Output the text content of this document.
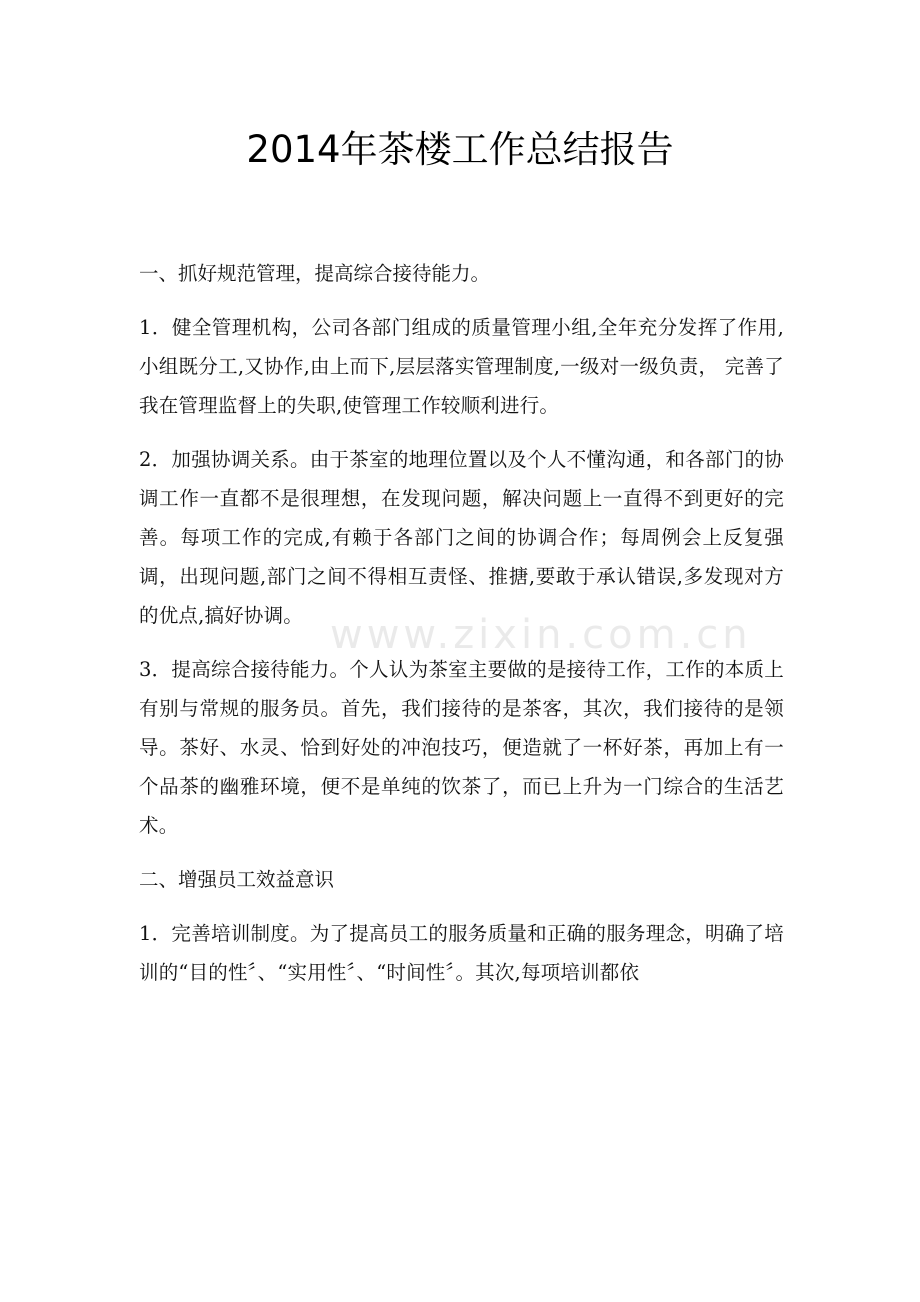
2014年茶楼工作总结报告
www.zixin.com.cn

一、抓好规范管理，提高综合接待能力。

1．健全管理机构，公司各部门组成的质量管理小组,全年充分发挥了作用,小组既分工,又协作,由上而下,层层落实管理制度,一级对一级负责， 完善了我在管理监督上的失职,使管理工作较顺利进行。

2．加强协调关系。由于茶室的地理位置以及个人不懂沟通，和各部门的协调工作一直都不是很理想，在发现问题，解决问题上一直得不到更好的完善。每项工作的完成,有赖于各部门之间的协调合作；每周例会上反复强调，出现问题,部门之间不得相互责怪、推搪,要敢于承认错误,多发现对方的优点,搞好协调。

3．提高综合接待能力。个人认为茶室主要做的是接待工作，工作的本质上有别与常规的服务员。首先，我们接待的是茶客，其次，我们接待的是领导。茶好、水灵、恰到好处的冲泡技巧，便造就了一杯好茶，再加上有一个品茶的幽雅环境，便不是单纯的饮茶了，而已上升为一门综合的生活艺术。

二、增强员工效益意识

1．完善培训制度。为了提高员工的服务质量和正确的服务理念，明确了培训的“目的性〞、“实用性〞、“时间性〞。其次,每项培训都依
